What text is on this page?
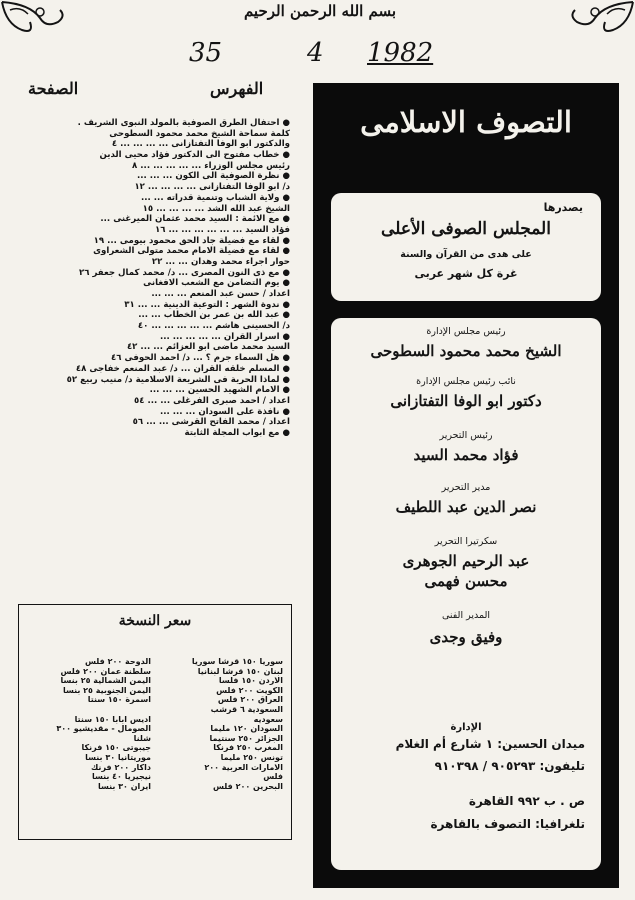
بسم الله الرحمن الرحيم
35	4 1982
الفهرس
الصفحة
● احتفال الطرق الصوفية بالمولد النبوى الشريف .
كلمة سماحة الشيخ محمد محمود السطوحى
والدكتور ابو الوفا التفتازانى ... ... ... ... ٤
● خطاب مفتوح الى الدكتور فؤاد محيى الدين
رئيس مجلس الوزراء ... ... ... ... ... ٨
● نظرة الصوفية الى الكون ... ... ...
د/ ابو الوفا التفتازانى ... ... ... ... ١٢
● ولاية الشباب وتنمية قدراته ... ...
الشيخ عبد الله الشد ... ... ... ... ١٥
● مع الائمة : السيد محمد عثمان الميرغنى ...
فؤاد السيد ... ... ... ... ... ... ١٦
● لقاء مع فضيلة جاد الحق محمود بيومى ... ١٩
● لقاء مع فضيلة الامام محمد متولى الشعراوى
حوار اجراء محمد وهدان ... ... ٢٢
● مع ذى النون المصرى ... د/ محمد كمال جعفر ٢٦
● يوم التضامن مع الشعب الافغانى
اعداد / حسن عبد المنعم ... ... ...
● ندوة الشهر : التوعية الدينية ... ... ٣١
● عبد الله بن عمر بن الخطاب ... ...
د/ الحسينى هاشم ... ... ... ... ... ٤٠
● اسرار القرآن ... ... ... ... ...
السيد محمد ماضى ابو العزائم ... ... ٤٢
● هل السماء جرم ؟ ... د/ احمد الحوفى ٤٦
● المسلم خلقه القرآن ... د/ عبد المنعم خفاجى ٤٨
● لماذا الحرية فى الشريعة الاسلامية د/ منيب ربيع ٥٢
● الامام الشهيد الحسين ... ... ...
اعداد / احمد صبرى الفرغلى ... ... ٥٤
● نافذة على السودان ... ... ...
اعداد / محمد الفاتح القرشى ... ... ٥٦
● مع ابواب المجلة الثابتة
سعر النسخة
سوريا ١٥٠ قرشا سوريا
لبنان ١٥٠ قرشا لبنانيا
الاردن ١٥٠ فلسا
الكويت ٢٠٠ فلس
العراق ٢٠٠ فلس
السعودية ٦ قرشب
سعوديه
السودان ١٢٠ مليما
الجزائر ٢٥٠ سنتيما
المغرب ٢٥٠ فرنكا
تونس ٢٥٠ مليما
الامارات العربية ٢٠٠
فلس
البحرين ٢٠٠ فلس
الدوحة ٢٠٠ فلس
سلطنة عمان ٢٠٠ فلس
اليمن الشمالية ٢٥ بنسا
اليمن الجنوبية ٢٥ بنسا
اسمرة ١٥٠ سنتا
اديس ابابا ١٥٠ سنتا
الصومال - مقديشيو ٣٠٠
شلنا
جيبوتى ١٥٠ فرنكا
موريتانيا ٣٠ بنسا
داكار ٢٠٠ فرنك
نيجيريا ٤٠ بنسا
ايران ٣٠ بنسا
التصوف الاسلامى
يصدرها
المجلس الصوفى الأعلى
على هدى من القرآن والسنة
غرة كل شهر عربى
رئيس مجلس الإدارة
الشيخ محمد محمود السطوحى
نائب رئيس مجلس الإدارة
دكتور ابو الوفا التفتازانى
رئيس التحرير
فؤاد محمد السيد
مدير التحرير
نصر الدين عبد اللطيف
سكرتيرا التحرير
عبد الرحيم الجوهرى
محسن فهمى
المدير الفنى
وفيق وجدى
الإدارة
ميدان الحسين: ١ شارع أم الغلام
تليفون: ٩٠٥٢٩٣ / ٩١٠٣٩٨
ص . ب ٩٩٢ القاهرة
تلغرافيا: التصوف بالقاهرة
